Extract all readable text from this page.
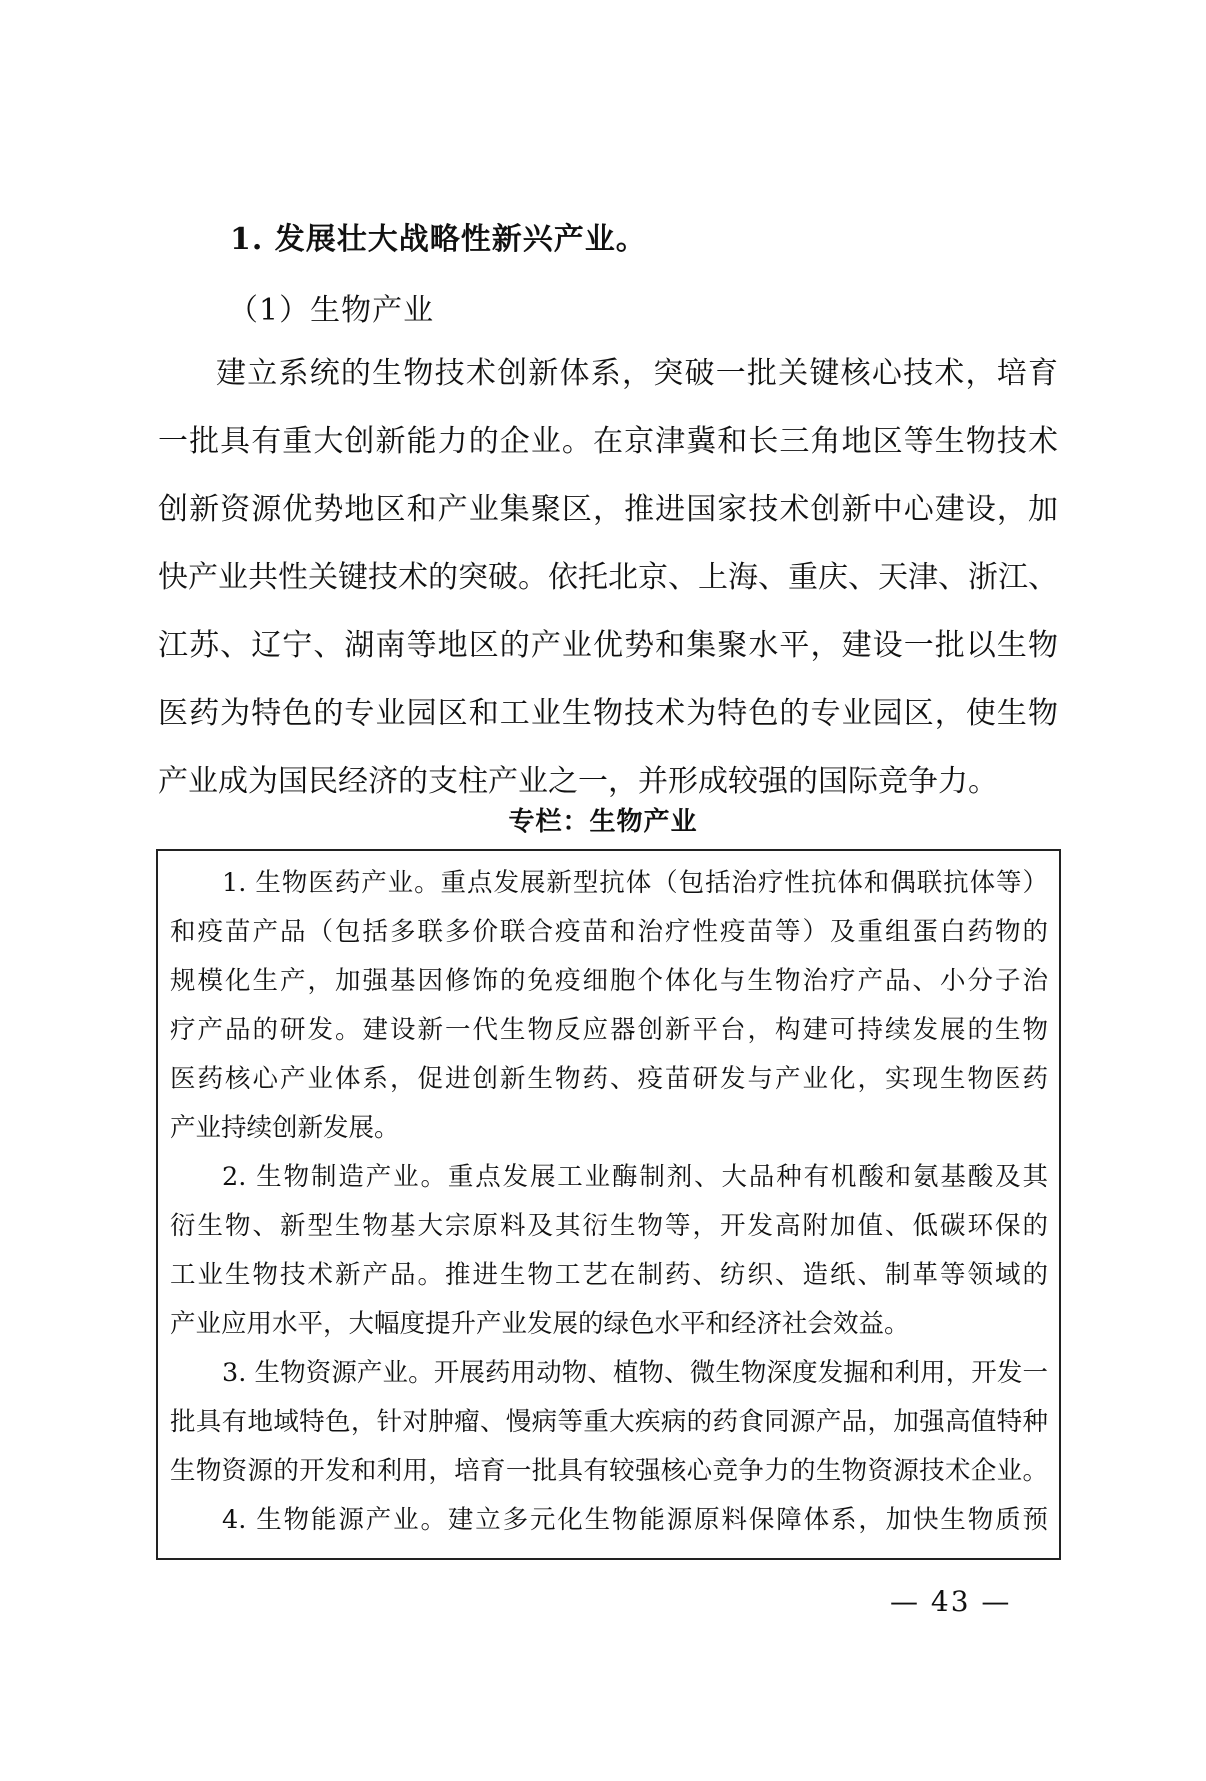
1. 发展壮大战略性新兴产业。
（1）生物产业
建立系统的生物技术创新体系，突破一批关键核心技术，培育
一批具有重大创新能力的企业。在京津冀和长三角地区等生物技术
创新资源优势地区和产业集聚区，推进国家技术创新中心建设，加
快产业共性关键技术的突破。依托北京、上海、重庆、天津、浙江、
江苏、辽宁、湖南等地区的产业优势和集聚水平，建设一批以生物
医药为特色的专业园区和工业生物技术为特色的专业园区，使生物
产业成为国民经济的支柱产业之一，并形成较强的国际竞争力。
专栏：生物产业
1. 生物医药产业。重点发展新型抗体（包括治疗性抗体和偶联抗体等）
和疫苗产品（包括多联多价联合疫苗和治疗性疫苗等）及重组蛋白药物的
规模化生产，加强基因修饰的免疫细胞个体化与生物治疗产品、小分子治
疗产品的研发。建设新一代生物反应器创新平台，构建可持续发展的生物
医药核心产业体系，促进创新生物药、疫苗研发与产业化，实现生物医药
产业持续创新发展。
2. 生物制造产业。重点发展工业酶制剂、大品种有机酸和氨基酸及其
衍生物、新型生物基大宗原料及其衍生物等，开发高附加值、低碳环保的
工业生物技术新产品。推进生物工艺在制药、纺织、造纸、制革等领域的
产业应用水平，大幅度提升产业发展的绿色水平和经济社会效益。
3. 生物资源产业。开展药用动物、植物、微生物深度发掘和利用，开发一
批具有地域特色，针对肿瘤、慢病等重大疾病的药食同源产品，加强高值特种
生物资源的开发和利用，培育一批具有较强核心竞争力的生物资源技术企业。
4. 生物能源产业。建立多元化生物能源原料保障体系，加快生物质预
— 43 —
